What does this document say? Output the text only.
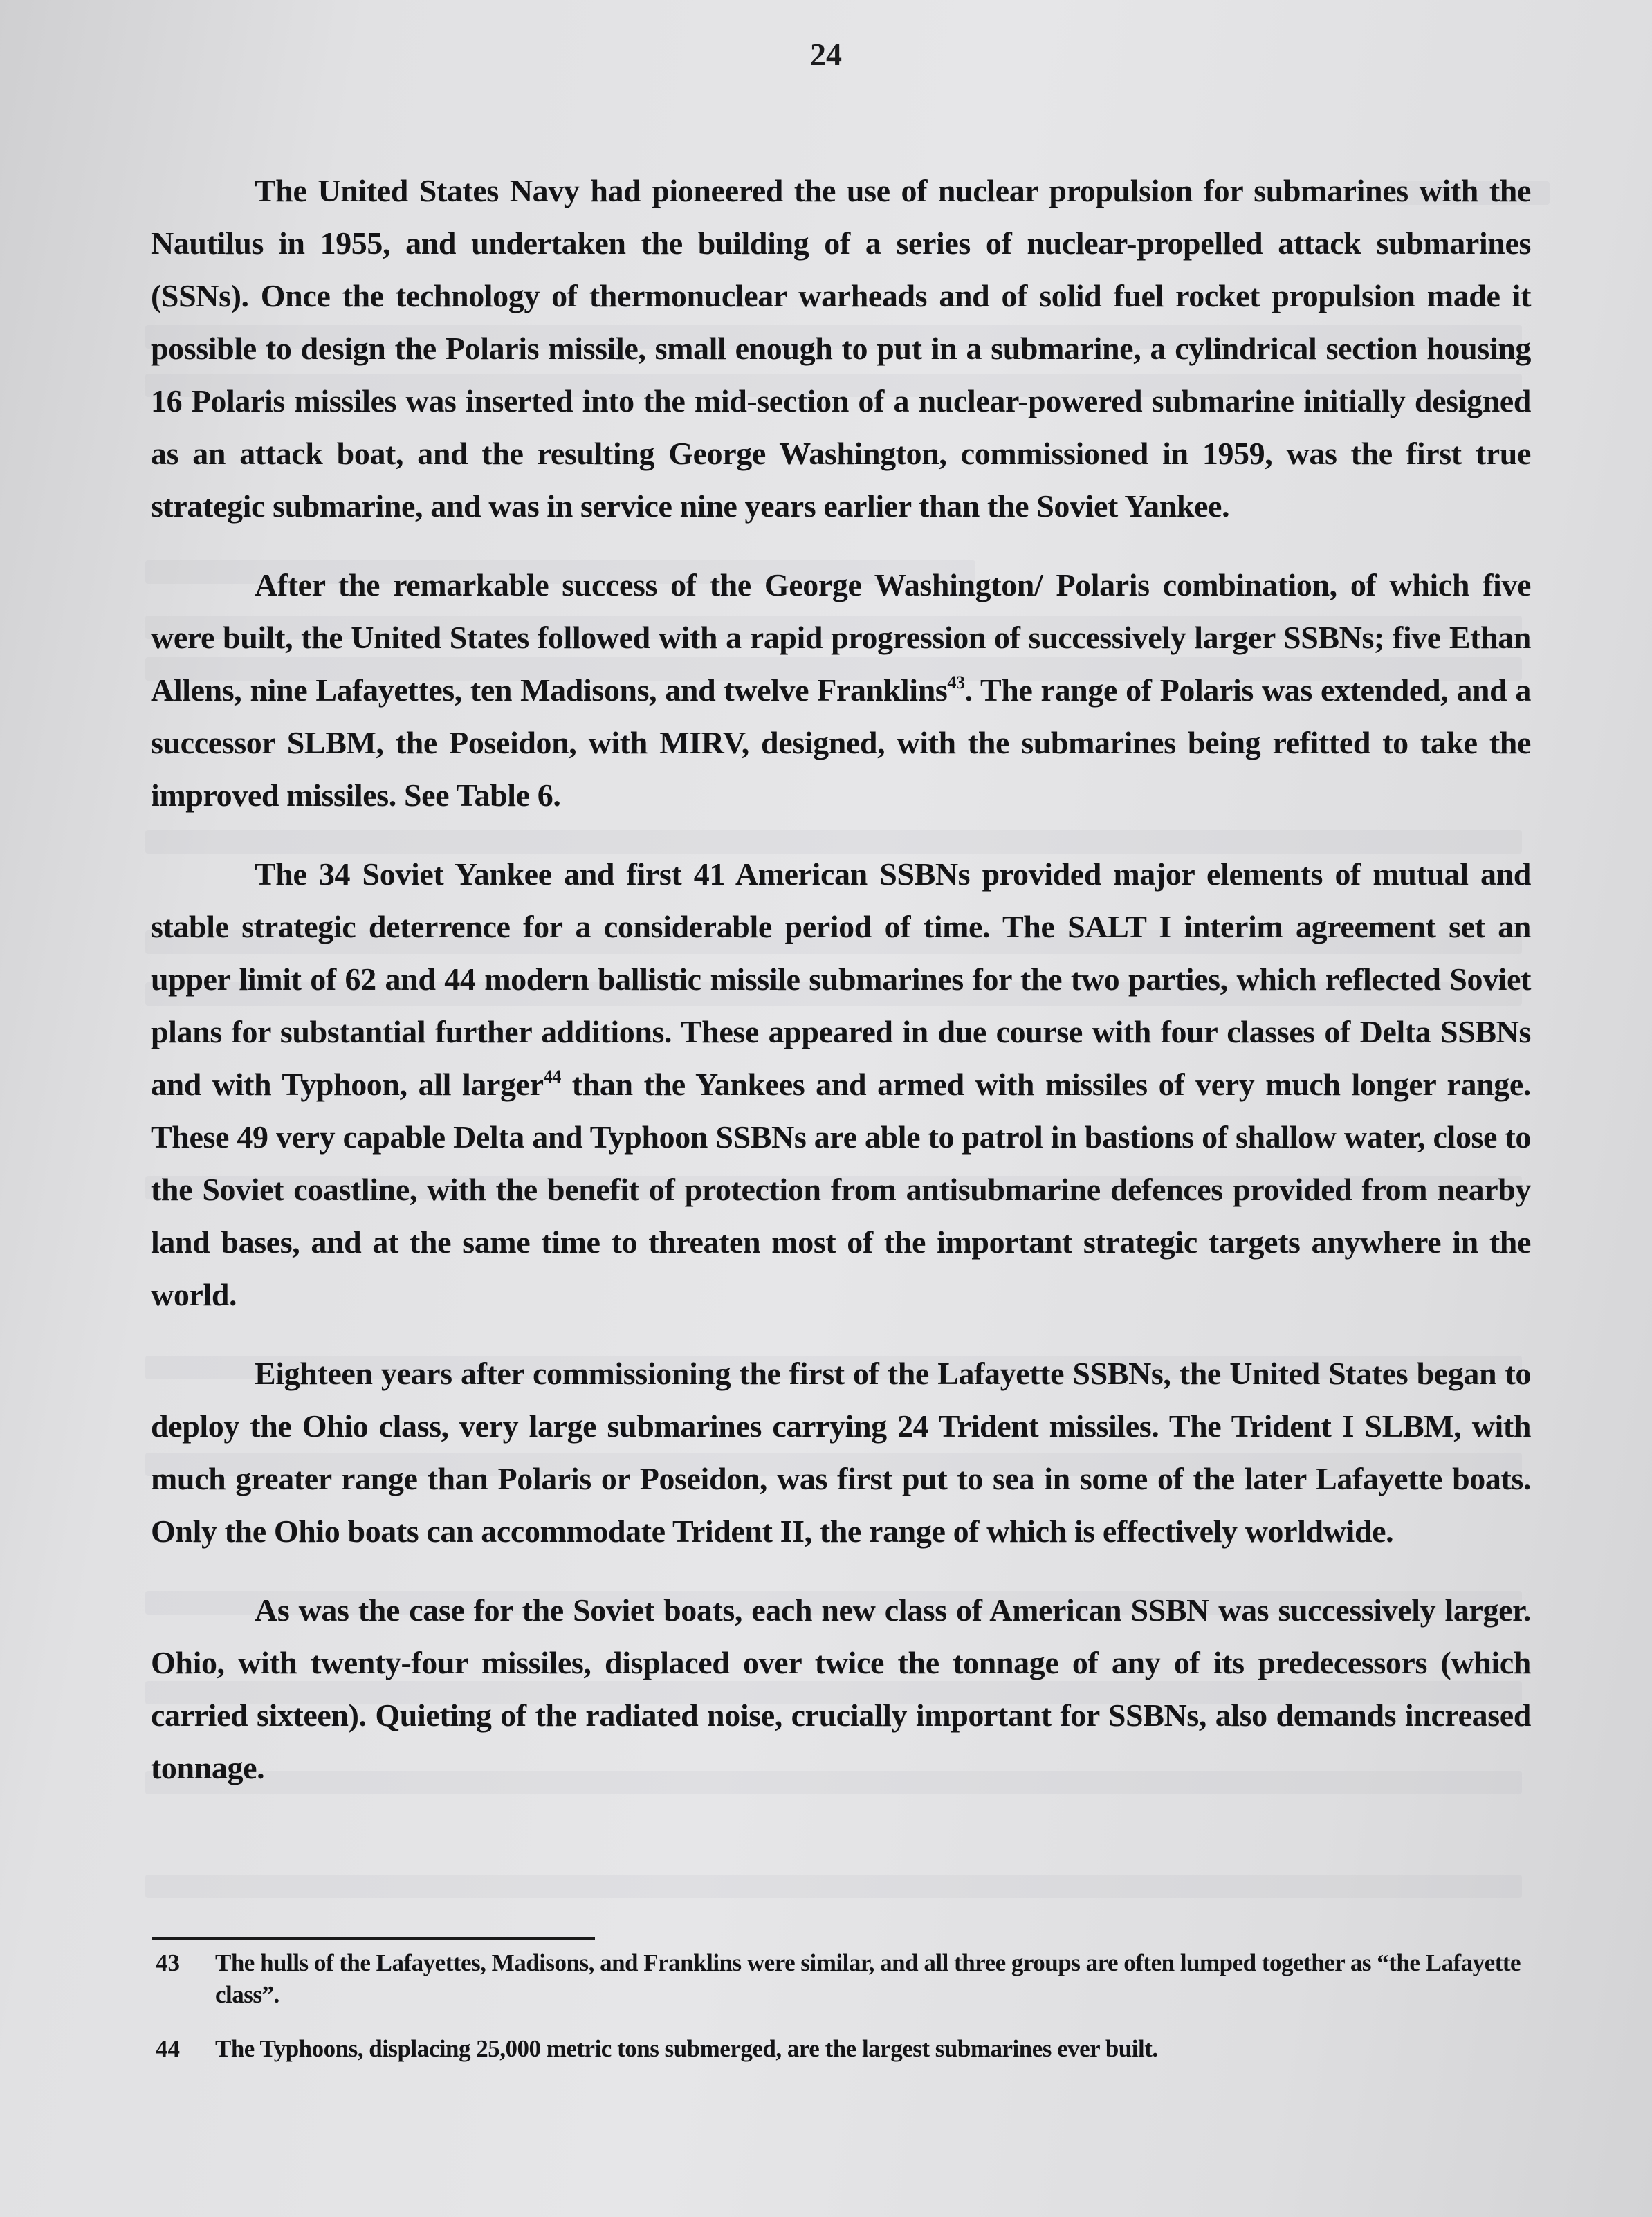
24

The United States Navy had pioneered the use of nuclear propulsion for submarines with the Nautilus in 1955, and undertaken the building of a series of nuclear-propelled attack submarines (SSNs). Once the technology of thermonuclear warheads and of solid fuel rocket propulsion made it possible to design the Polaris missile, small enough to put in a submarine, a cylindrical section housing 16 Polaris missiles was inserted into the mid-section of a nuclear-powered submarine initially designed as an attack boat, and the resulting George Washington, commissioned in 1959, was the first true strategic submarine, and was in service nine years earlier than the Soviet Yankee.

After the remarkable success of the George Washington/ Polaris combination, of which five were built, the United States followed with a rapid progression of successively larger SSBNs; five Ethan Allens, nine Lafayettes, ten Madisons, and twelve Franklins$^{43}$. The range of Polaris was extended, and a successor SLBM, the Poseidon, with MIRV, designed, with the submarines being refitted to take the improved missiles. See Table 6.

The 34 Soviet Yankee and first 41 American SSBNs provided major elements of mutual and stable strategic deterrence for a considerable period of time. The SALT I interim agreement set an upper limit of 62 and 44 modern ballistic missile submarines for the two parties, which reflected Soviet plans for substantial further additions. These appeared in due course with four classes of Delta SSBNs and with Typhoon, all larger$^{44}$ than the Yankees and armed with missiles of very much longer range. These 49 very capable Delta and Typhoon SSBNs are able to patrol in bastions of shallow water, close to the Soviet coastline, with the benefit of protection from antisubmarine defences provided from nearby land bases, and at the same time to threaten most of the important strategic targets anywhere in the world.

Eighteen years after commissioning the first of the Lafayette SSBNs, the United States began to deploy the Ohio class, very large submarines carrying 24 Trident missiles. The Trident I SLBM, with much greater range than Polaris or Poseidon, was first put to sea in some of the later Lafayette boats. Only the Ohio boats can accommodate Trident II, the range of which is effectively worldwide.

As was the case for the Soviet boats, each new class of American SSBN was successively larger. Ohio, with twenty-four missiles, displaced over twice the tonnage of any of its predecessors (which carried sixteen). Quieting of the radiated noise, crucially important for SSBNs, also demands increased tonnage.

43	The hulls of the Lafayettes, Madisons, and Franklins were similar, and all three groups are often lumped together as “the Lafayette class”.
44	The Typhoons, displacing 25,000 metric tons submerged, are the largest submarines ever built.
